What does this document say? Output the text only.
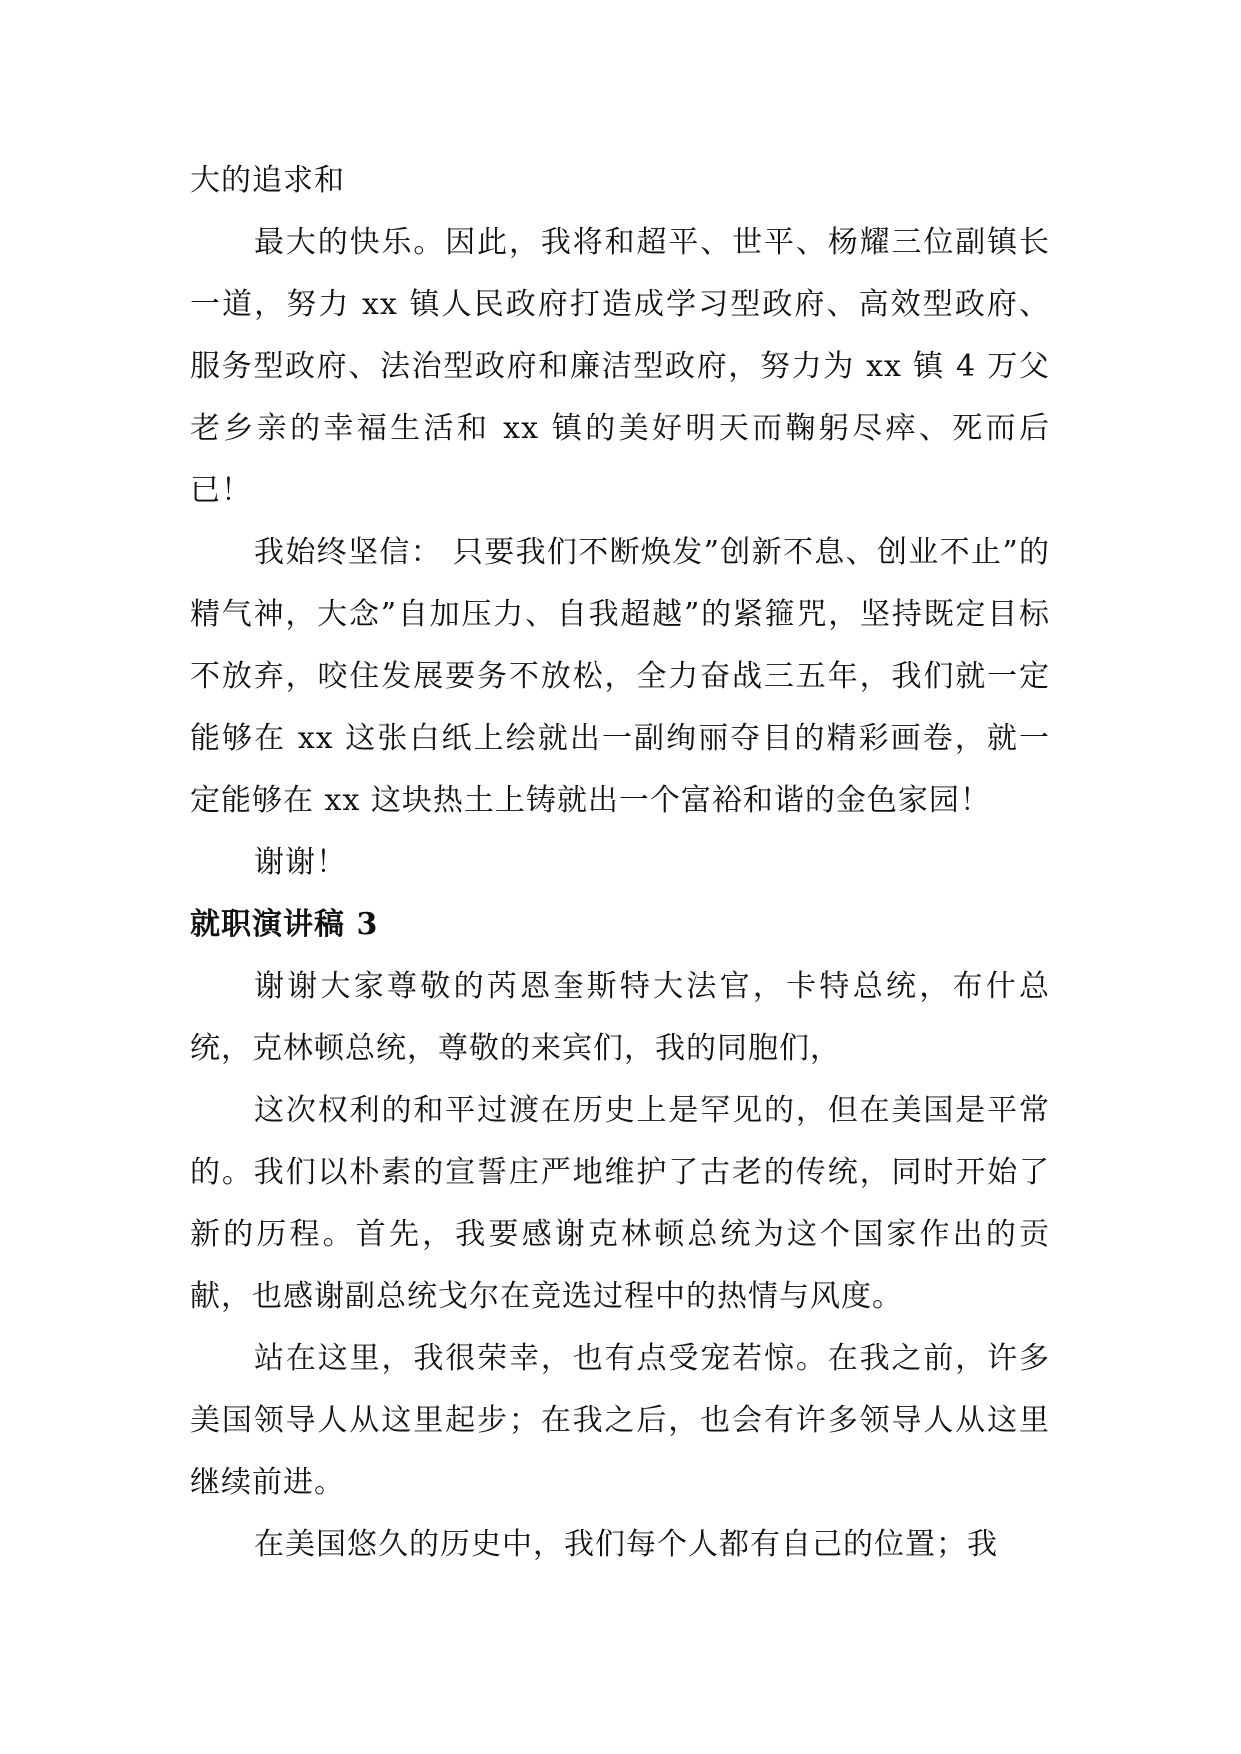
大的追求和

最大的快乐。因此，我将和超平、世平、杨耀三位副镇长一道，努力 xx 镇人民政府打造成学习型政府、高效型政府、服务型政府、法治型政府和廉洁型政府，努力为 xx 镇 4 万父老乡亲的幸福生活和 xx 镇的美好明天而鞠躬尽瘁、死而后已！

我始终坚信： 只要我们不断焕发”创新不息、创业不止”的精气神，大念”自加压力、自我超越”的紧箍咒，坚持既定目标不放弃，咬住发展要务不放松，全力奋战三五年，我们就一定能够在 xx 这张白纸上绘就出一副绚丽夺目的精彩画卷，就一定能够在 xx 这块热土上铸就出一个富裕和谐的金色家园！

谢谢！

就职演讲稿 3

谢谢大家尊敬的芮恩奎斯特大法官，卡特总统，布什总统，克林顿总统，尊敬的来宾们，我的同胞们，

这次权利的和平过渡在历史上是罕见的，但在美国是平常的。我们以朴素的宣誓庄严地维护了古老的传统，同时开始了新的历程。首先，我要感谢克林顿总统为这个国家作出的贡献，也感谢副总统戈尔在竞选过程中的热情与风度。

站在这里，我很荣幸，也有点受宠若惊。在我之前，许多美国领导人从这里起步；在我之后，也会有许多领导人从这里继续前进。

在美国悠久的历史中，我们每个人都有自己的位置；我
